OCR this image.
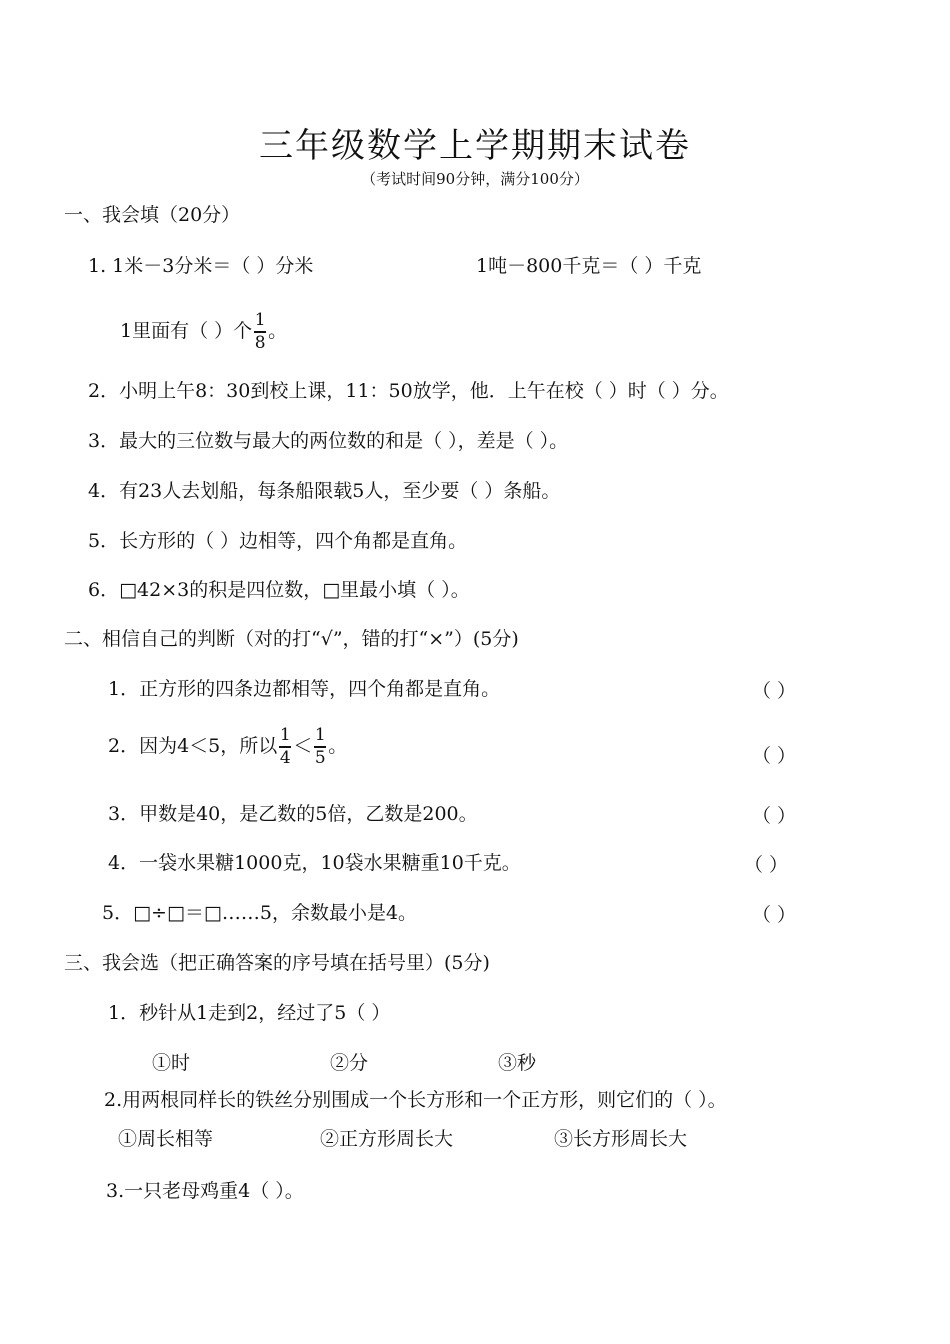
三年级数学上学期期末试卷
（考试时间90分钟，满分100分）
一、我会填（20分）
1. 1米－3分米＝（ ）分米	1吨－800千克＝（ ）千克
1里面有（ ）个 $\frac{1}{8}$ 。
2．小明上午8：30到校上课，11：50放学，他．上午在校（ ）时（ ）分。
3．最大的三位数与最大的两位数的和是（ ），差是（ ）。
4．有23人去划船，每条船限载5人，至少要（ ）条船。
5．长方形的（ ）边相等，四个角都是直角。
6．□42×3的积是四位数，□里最小填（ ）。
二、相信自己的判断（对的打“√”，错的打“×”）(5分)
1．正方形的四条边都相等，四个角都是直角。	（ ）
2．因为4＜5，所以 $\frac{1}{4} < \frac{1}{5}$ 。	（ ）
3．甲数是40，是乙数的5倍，乙数是200。	（ ）
4．一袋水果糖1000克，10袋水果糖重10千克。	（ ）
5．□÷□＝□……5，余数最小是4。	（ ）
三、我会选（把正确答案的序号填在括号里）(5分)
1．秒针从1走到2，经过了5（ ）
①时	②分	③秒
2.用两根同样长的铁丝分别围成一个长方形和一个正方形，则它们的（ ）。
①周长相等	②正方形周长大	③长方形周长大
3.一只老母鸡重4（ ）。
